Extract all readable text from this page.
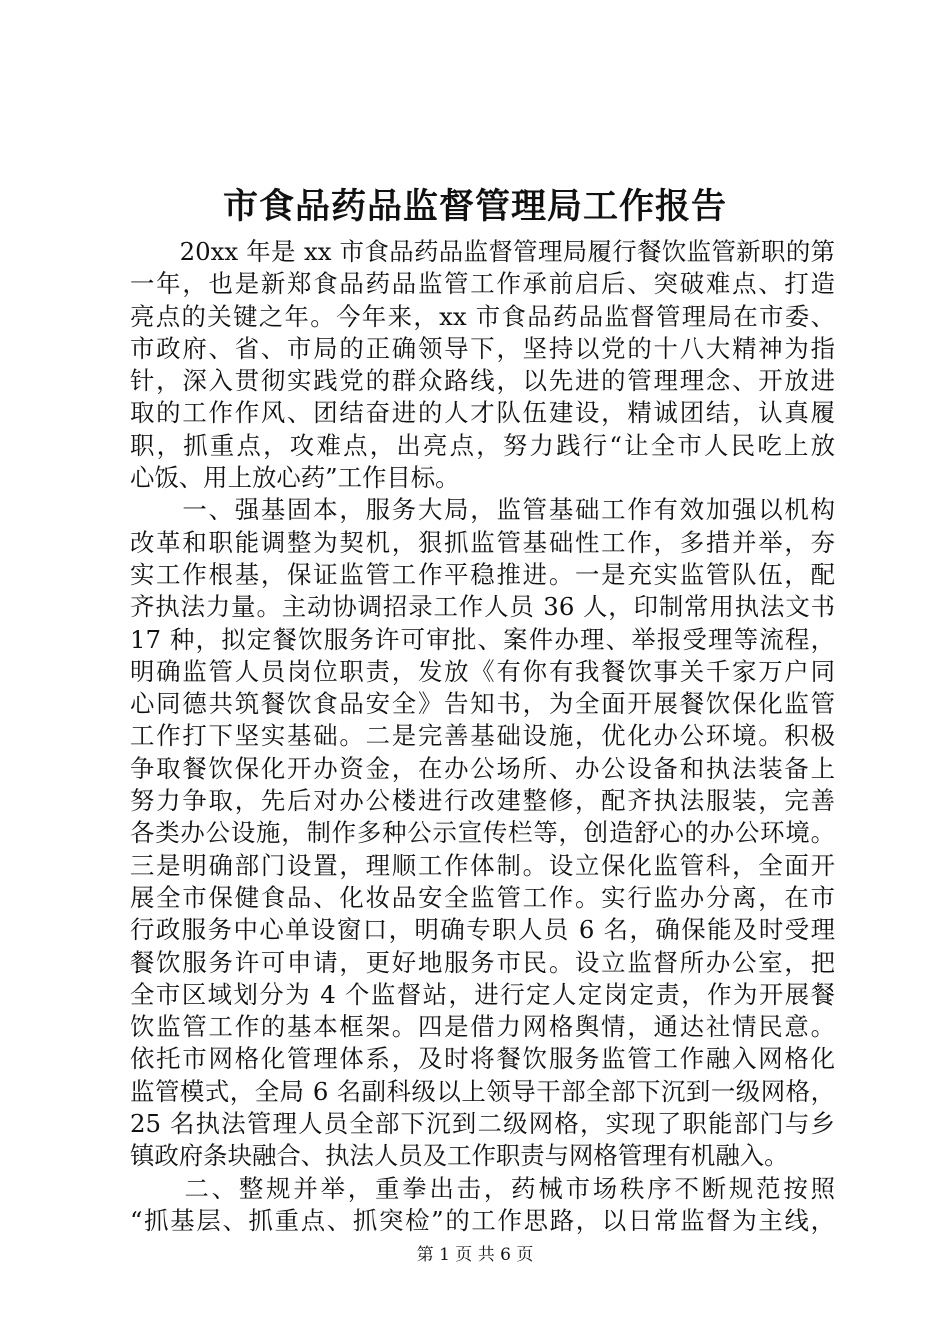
市食品药品监督管理局工作报告
　　20xx 年是 xx 市食品药品监督管理局履行餐饮监管新职的第
一年，也是新郑食品药品监管工作承前启后、突破难点、打造
亮点的关键之年。今年来，xx 市食品药品监督管理局在市委、
市政府、省、市局的正确领导下，坚持以党的十八大精神为指
针，深入贯彻实践党的群众路线，以先进的管理理念、开放进
取的工作作风、团结奋进的人才队伍建设，精诚团结，认真履
职，抓重点，攻难点，出亮点，努力践行“让全市人民吃上放
心饭、用上放心药”工作目标。
　　一、强基固本，服务大局，监管基础工作有效加强以机构
改革和职能调整为契机，狠抓监管基础性工作，多措并举，夯
实工作根基，保证监管工作平稳推进。一是充实监管队伍，配
齐执法力量。主动协调招录工作人员 36 人，印制常用执法文书
17 种，拟定餐饮服务许可审批、案件办理、举报受理等流程，
明确监管人员岗位职责，发放《有你有我餐饮事关千家万户同
心同德共筑餐饮食品安全》告知书，为全面开展餐饮保化监管
工作打下坚实基础。二是完善基础设施，优化办公环境。积极
争取餐饮保化开办资金，在办公场所、办公设备和执法装备上
努力争取，先后对办公楼进行改建整修，配齐执法服装，完善
各类办公设施，制作多种公示宣传栏等，创造舒心的办公环境。
三是明确部门设置，理顺工作体制。设立保化监管科，全面开
展全市保健食品、化妆品安全监管工作。实行监办分离，在市
行政服务中心单设窗口，明确专职人员 6 名，确保能及时受理
餐饮服务许可申请，更好地服务市民。设立监督所办公室，把
全市区域划分为 4 个监督站，进行定人定岗定责，作为开展餐
饮监管工作的基本框架。四是借力网格舆情，通达社情民意。
依托市网格化管理体系，及时将餐饮服务监管工作融入网格化
监管模式，全局 6 名副科级以上领导干部全部下沉到一级网格，
25 名执法管理人员全部下沉到二级网格，实现了职能部门与乡
镇政府条块融合、执法人员及工作职责与网格管理有机融入。
　　二、整规并举，重拳出击，药械市场秩序不断规范按照
“抓基层、抓重点、抓突检”的工作思路，以日常监督为主线，
第 1 页 共 6 页
